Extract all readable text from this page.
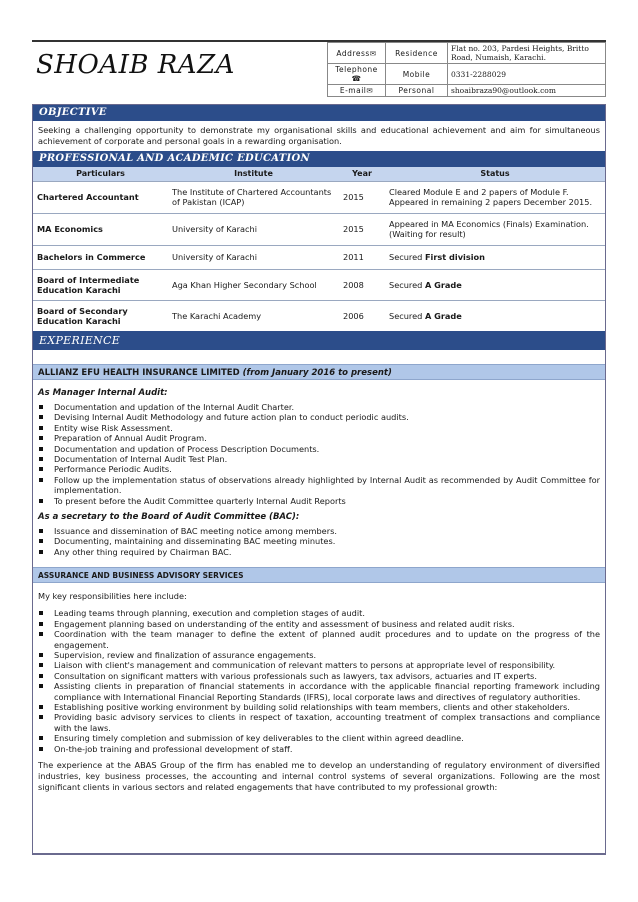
SHOAIB RAZA	Address✉	Residence	Flat no. 203, Pardesi Heights, Britto Road, Numaish, Karachi.
Telephone ☎	Mobile	0331-2288029
E-mail✉	Personal	shoaibraza90@outlook.com
OBJECTIVE
Seeking a challenging opportunity to demonstrate my organisational skills and educational achievement and aim for simultaneous achievement of corporate and personal goals in a rewarding organisation.
PROFESSIONAL AND ACADEMIC EDUCATION
Particulars	Institute	Year	Status
Chartered Accountant	The Institute of Chartered Accountants of Pakistan (ICAP)	2015	Cleared Module E and 2 papers of Module F. Appeared in remaining 2 papers December 2015.
MA Economics	University of Karachi	2015	Appeared in MA Economics (Finals) Examination. (Waiting for result)
Bachelors in Commerce	University of Karachi	2011	Secured First division
Board of Intermediate Education Karachi	Aga Khan Higher Secondary School	2008	Secured A Grade
Board of Secondary Education Karachi	The Karachi Academy	2006	Secured A Grade
EXPERIENCE
ALLIANZ EFU HEALTH INSURANCE LIMITED (from January 2016 to present)
As Manager Internal Audit:
Documentation and updation of the Internal Audit Charter.
Devising Internal Audit Methodology and future action plan to conduct periodic audits.
Entity wise Risk Assessment.
Preparation of Annual Audit Program.
Documentation and updation of Process Description Documents.
Documentation of Internal Audit Test Plan.
Performance Periodic Audits.
Follow up the implementation status of observations already highlighted by Internal Audit as recommended by Audit Committee for implementation.
To present before the Audit Committee quarterly Internal Audit Reports
As a secretary to the Board of Audit Committee (BAC):
Issuance and dissemination of BAC meeting notice among members.
Documenting, maintaining and disseminating BAC meeting minutes.
Any other thing required by Chairman BAC.
ASSURANCE AND BUSINESS ADVISORY SERVICES
My key responsibilities here include:
Leading teams through planning, execution and completion stages of audit.
Engagement planning based on understanding of the entity and assessment of business and related audit risks.
Coordination with the team manager to define the extent of planned audit procedures and to update on the progress of the engagement.
Supervision, review and finalization of assurance engagements.
Liaison with client's management and communication of relevant matters to persons at appropriate level of responsibility.
Consultation on significant matters with various professionals such as lawyers, tax advisors, actuaries and IT experts.
Assisting clients in preparation of financial statements in accordance with the applicable financial reporting framework including compliance with International Financial Reporting Standards (IFRS), local corporate laws and directives of regulatory authorities.
Establishing positive working environment by building solid relationships with team members, clients and other stakeholders.
Providing basic advisory services to clients in respect of taxation, accounting treatment of complex transactions and compliance with the laws.
Ensuring timely completion and submission of key deliverables to the client within agreed deadline.
On-the-job training and professional development of staff.
The experience at the ABAS Group of the firm has enabled me to develop an understanding of regulatory environment of diversified industries, key business processes, the accounting and internal control systems of several organizations. Following are the most significant clients in various sectors and related engagements that have contributed to my professional growth:
